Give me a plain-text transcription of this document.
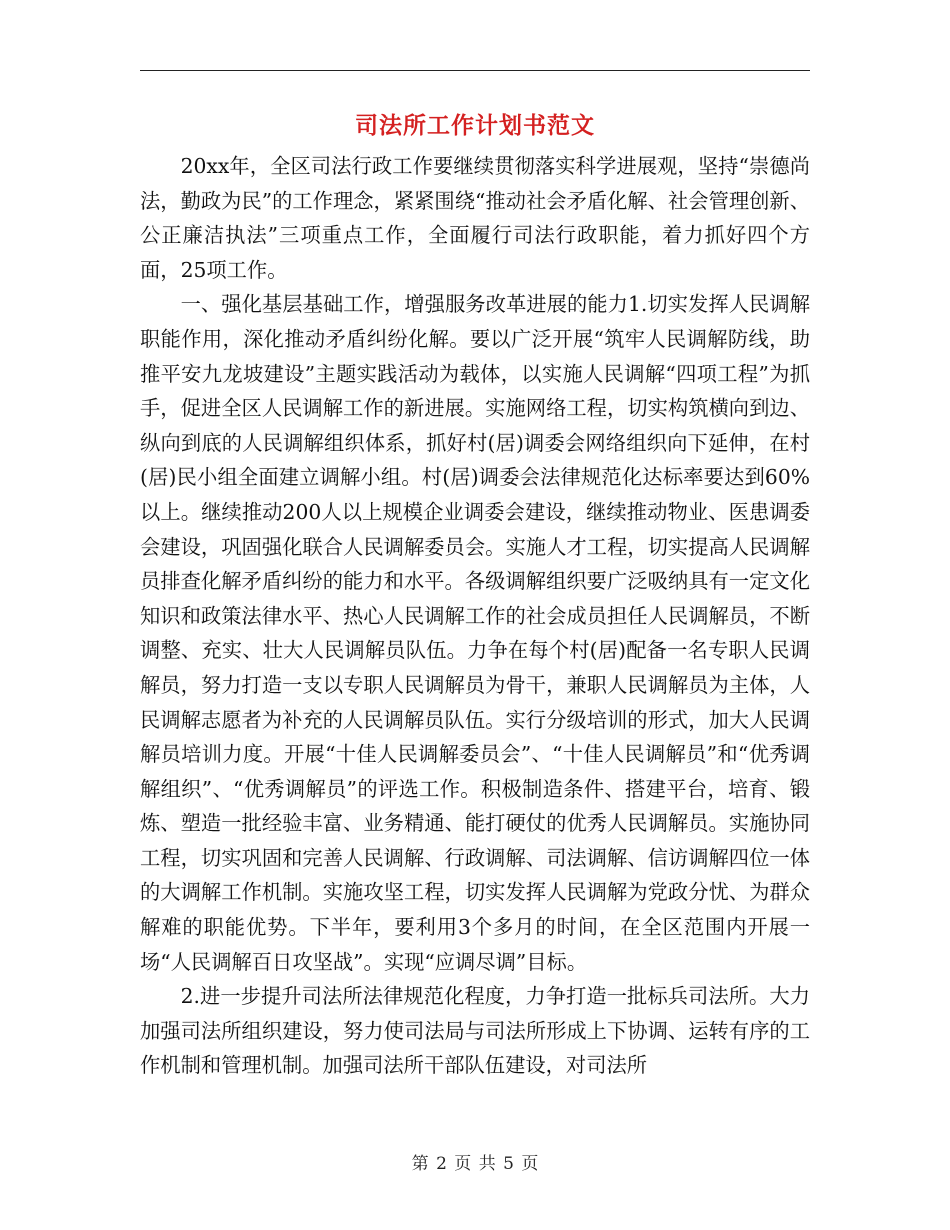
司法所工作计划书范文

20xx年，全区司法行政工作要继续贯彻落实科学进展观，坚持“崇德尚法，勤政为民”的工作理念，紧紧围绕“推动社会矛盾化解、社会管理创新、公正廉洁执法”三项重点工作，全面履行司法行政职能，着力抓好四个方面，25项工作。

一、强化基层基础工作，增强服务改革进展的能力1.切实发挥人民调解职能作用，深化推动矛盾纠纷化解。要以广泛开展“筑牢人民调解防线，助推平安九龙坡建设”主题实践活动为载体，以实施人民调解“四项工程”为抓手，促进全区人民调解工作的新进展。实施网络工程，切实构筑横向到边、纵向到底的人民调解组织体系，抓好村(居)调委会网络组织向下延伸，在村(居)民小组全面建立调解小组。村(居)调委会法律规范化达标率要达到60%以上。继续推动200人以上规模企业调委会建设，继续推动物业、医患调委会建设，巩固强化联合人民调解委员会。实施人才工程，切实提高人民调解员排查化解矛盾纠纷的能力和水平。各级调解组织要广泛吸纳具有一定文化知识和政策法律水平、热心人民调解工作的社会成员担任人民调解员，不断调整、充实、壮大人民调解员队伍。力争在每个村(居)配备一名专职人民调解员，努力打造一支以专职人民调解员为骨干，兼职人民调解员为主体，人民调解志愿者为补充的人民调解员队伍。实行分级培训的形式，加大人民调解员培训力度。开展“十佳人民调解委员会”、“十佳人民调解员”和“优秀调解组织”、“优秀调解员”的评选工作。积极制造条件、搭建平台，培育、锻炼、塑造一批经验丰富、业务精通、能打硬仗的优秀人民调解员。实施协同工程，切实巩固和完善人民调解、行政调解、司法调解、信访调解四位一体的大调解工作机制。实施攻坚工程，切实发挥人民调解为党政分忧、为群众解难的职能优势。下半年，要利用3个多月的时间，在全区范围内开展一场“人民调解百日攻坚战”。实现“应调尽调”目标。

2.进一步提升司法所法律规范化程度，力争打造一批标兵司法所。大力加强司法所组织建设，努力使司法局与司法所形成上下协调、运转有序的工作机制和管理机制。加强司法所干部队伍建设，对司法所

第 2 页 共 5 页
